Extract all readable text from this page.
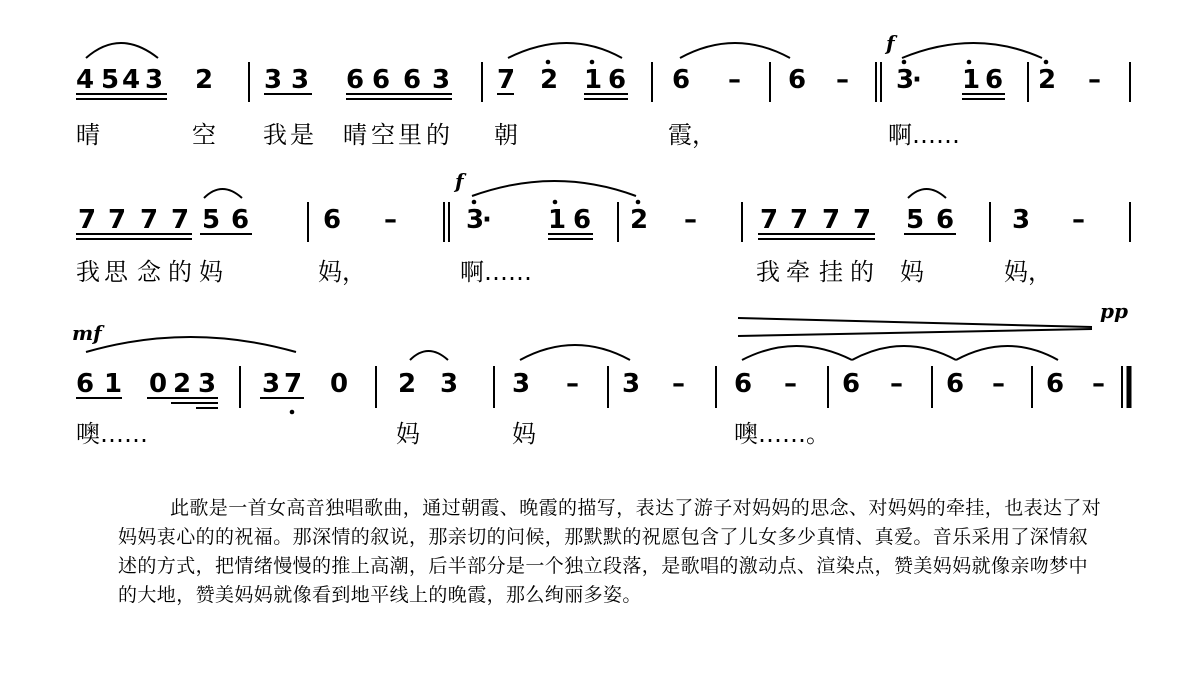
f
4 5 4 3 2 3 3 6 6 6 3 7 2 1 6 6 – 6 – 3
· 1 6 2 –
晴	空 我 是 晴 空 里 的 朝	霞，	啊……
f
7 7 7 7 5 6	6 –	3
· 1 6 2 – 7 7 7 7 5 6 3 –
我 思 念 的 妈	妈，	啊……	我 牵 挂 的 妈	妈，
mf
pp
6 1 0 2 3 3 7 0 2 3 3 – 3 – 6 – 6 – 6 – 6 –
噢……	妈	妈	噢……。

此歌是一首女高音独唱歌曲，通过朝霞、晚霞的描写，表达了游子对妈妈的思念、对妈妈的牵挂，也表达了对妈妈衷心的的祝福。那深情的叙说，那亲切的问候，那默默的祝愿包含了儿女多少真情、真爱。音乐采用了深情叙述的方式，把情绪慢慢的推上高潮，后半部分是一个独立段落，是歌唱的激动点、渲染点，赞美妈妈就像亲吻梦中的大地，赞美妈妈就像看到地平线上的晚霞，那么绚丽多姿。
